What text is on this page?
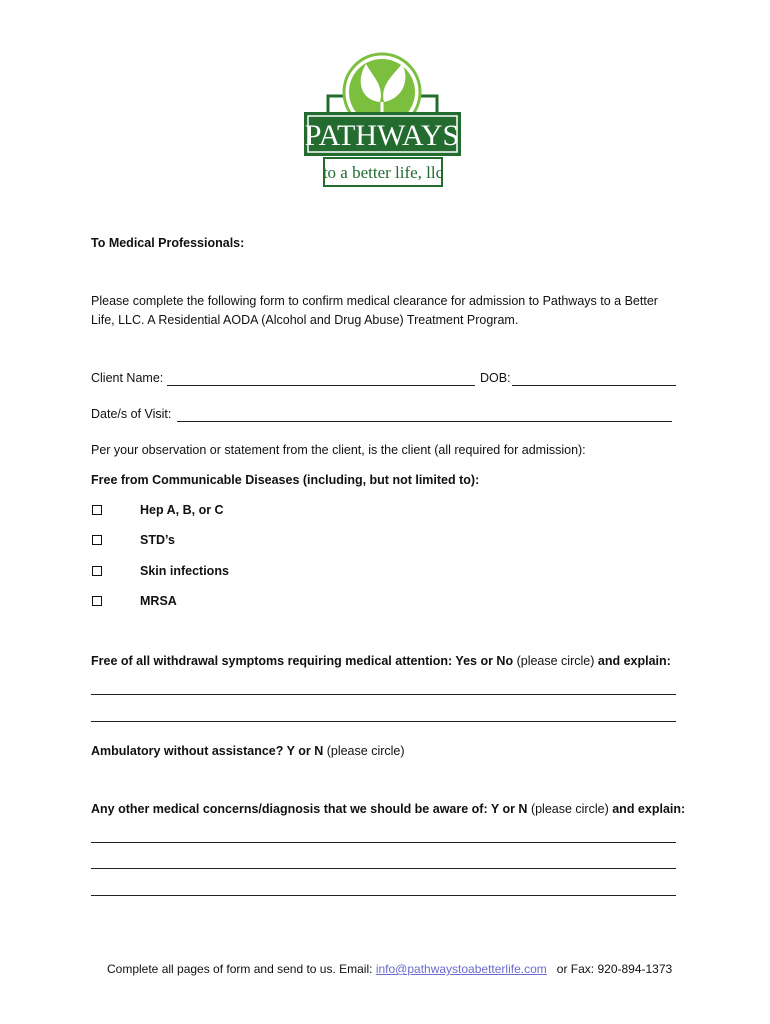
PATHWAYS
to a better life, llc
To Medical Professionals:
Please complete the following form to confirm medical clearance for admission to Pathways to a Better
Life, LLC. A Residential AODA (Alcohol and Drug Abuse) Treatment Program.
Client Name:	DOB:
Date/s of Visit:
Per your observation or statement from the client, is the client (all required for admission):
Free from Communicable Diseases (including, but not limited to):
Hep A, B, or C
STD’s
Skin infections
MRSA
Free of all withdrawal symptoms requiring medical attention: Yes or No (please circle) and explain:
Ambulatory without assistance? Y or N (please circle)
Any other medical concerns/diagnosis that we should be aware of: Y or N (please circle) and explain:
Complete all pages of form and send to us. Email: info@pathwaystoabetterlife.com or Fax: 920-894-1373
